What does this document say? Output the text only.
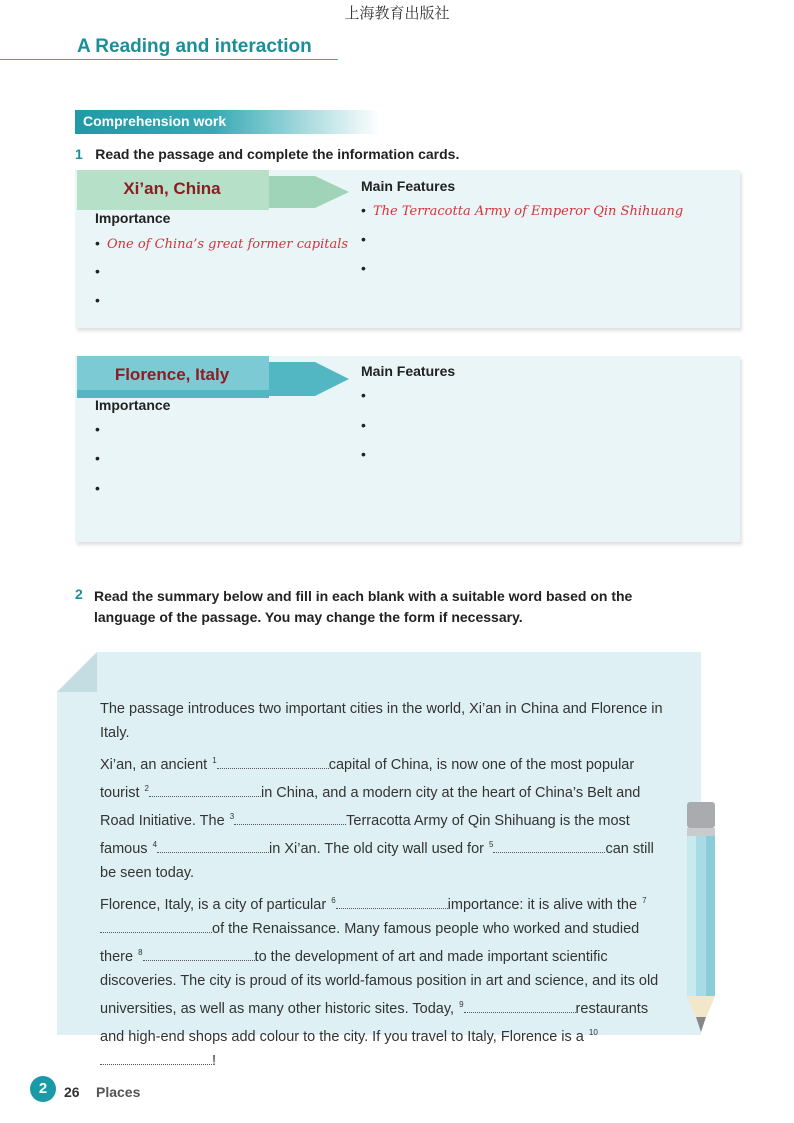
上海教育出版社
A Reading and interaction
Comprehension work
1 Read the passage and complete the information cards.
Xi’an, China
Importance
• One of China’s great former capitals
•
•
Main Features
• The Terracotta Army of Emperor Qin Shihuang
•
•
Florence, Italy
Importance
•
•
•
Main Features
•
•
•
2 Read the summary below and fill in each blank with a suitable word based on the
language of the passage. You may change the form if necessary.

The passage introduces two important cities in the world, Xi’an in China and Florence in Italy.

Xi’an, an ancient $^1$	capital of China, is now one of the most popular tourist $^2$	in China, and a modern city at the heart of China’s Belt and Road Initiative. The $^3$	Terracotta Army of Qin Shihuang is the most famous $^4$	in Xi’an. The old city wall used for $^5$	can still be seen today.

Florence, Italy, is a city of particular $^6$	importance: it is alive with the $^7$of the Renaissance. Many famous people who worked and studied there $^8$	to the development of art and made important scientific discoveries. The city is proud of its world-famous position in art and science, and its old universities, as well as many other historic sites. Today, $^9$	restaurants and high-end shops add colour to the city. If you travel to Italy, Florence is a $^{10}$!

2	26 Places
